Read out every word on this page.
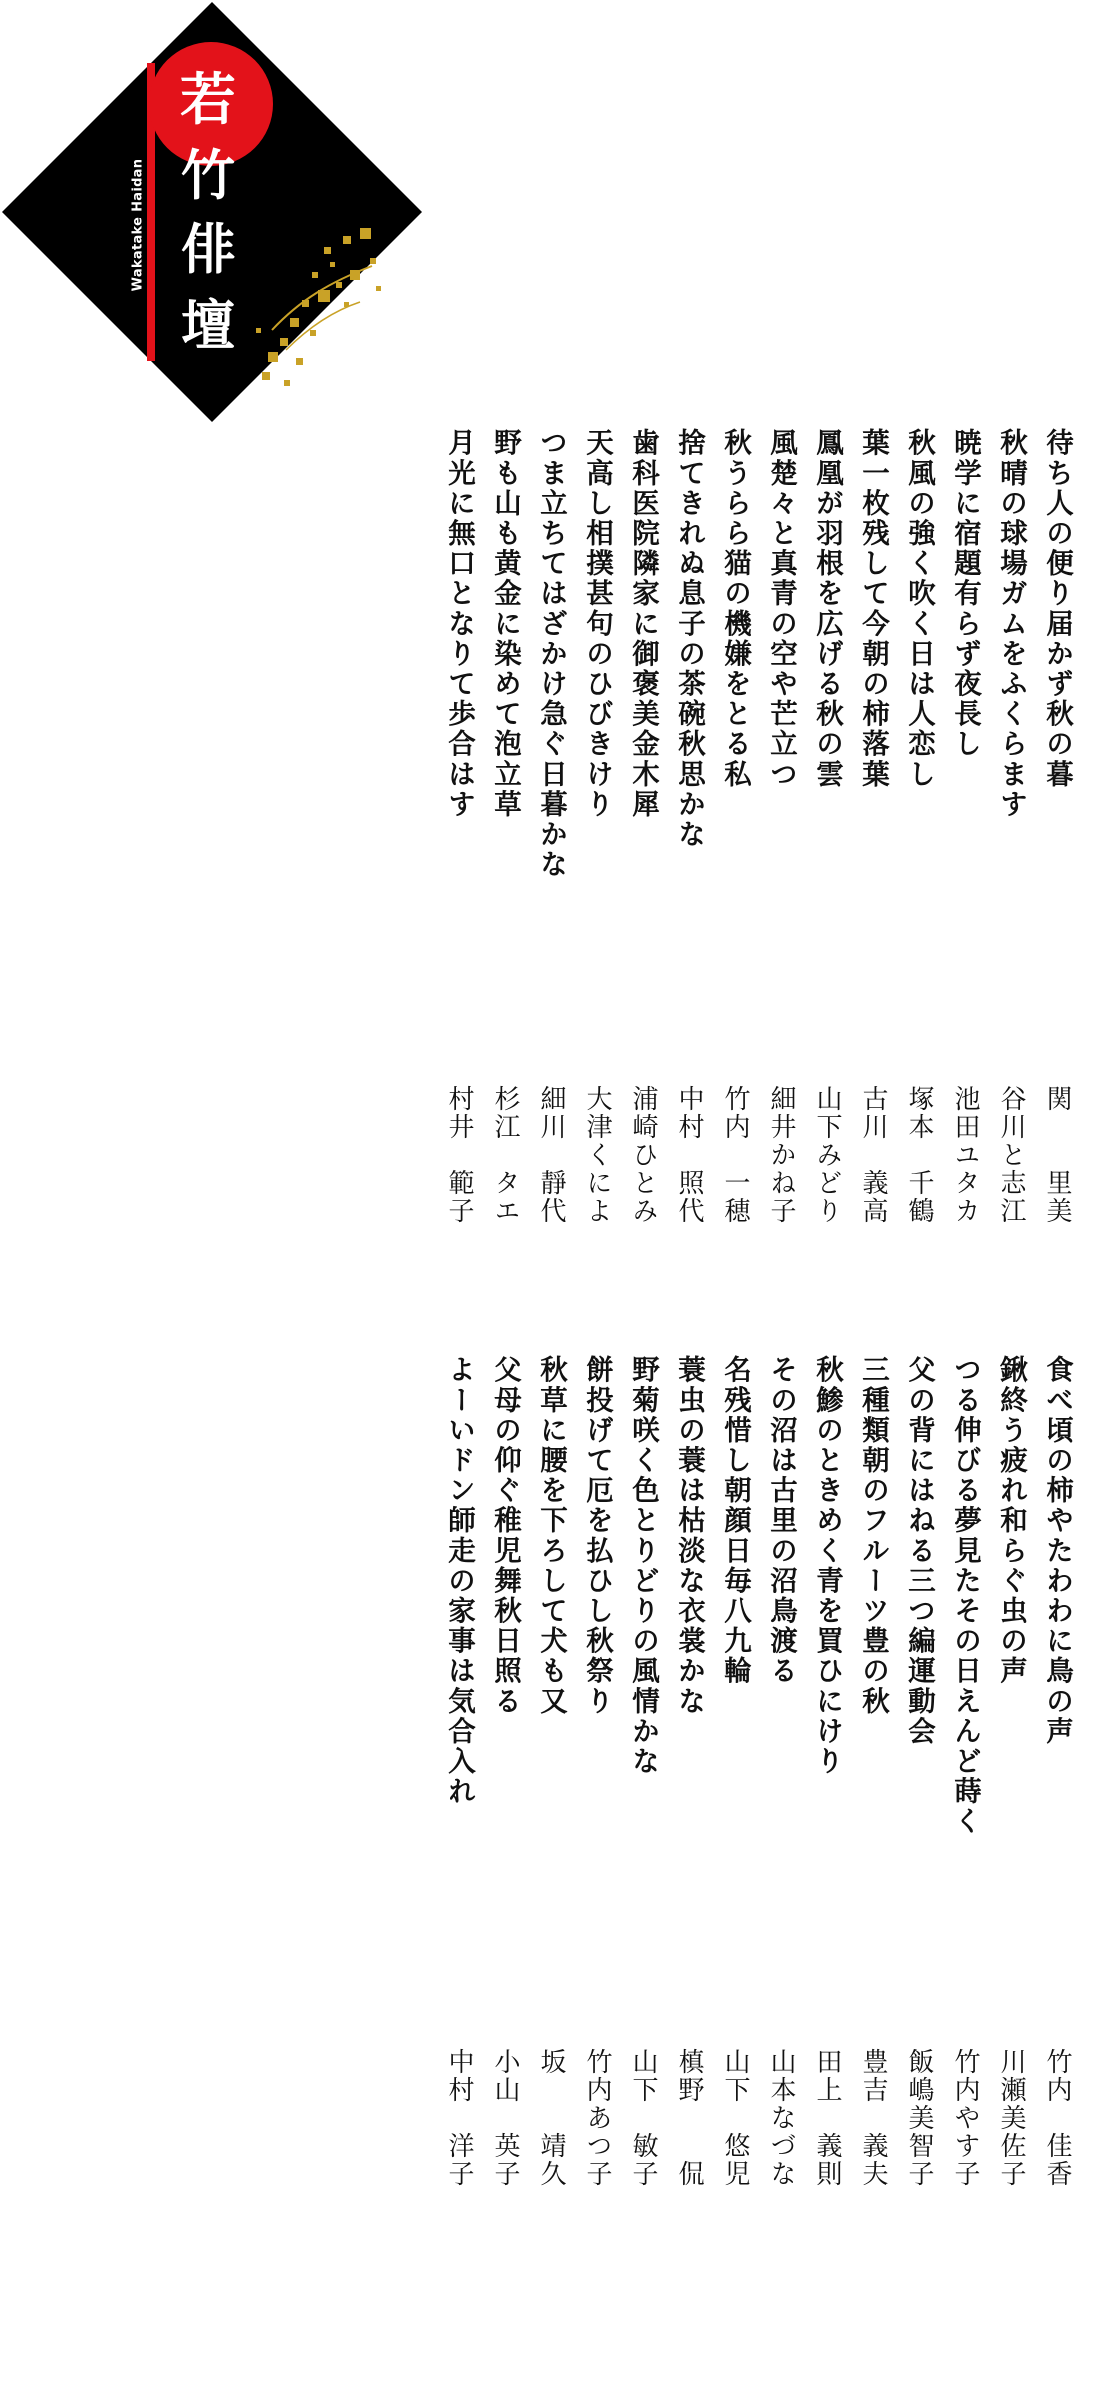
若
竹
俳
壇
Wakatake Haidan
待ち人の便り届かず秋の暮
秋晴の球場ガムをふくらます
暁学に宿題有らず夜長し
秋風の強く吹く日は人恋し
葉一枚残して今朝の柿落葉
鳳凰が羽根を広げる秋の雲
風楚々と真青の空や芒立つ
秋うらら猫の機嫌をとる私
捨てきれぬ息子の茶碗秋思かな
歯科医院隣家に御褒美金木犀
天高し相撲甚句のひびきけり
つま立ちてはざかけ急ぐ日暮かな
野も山も黄金に染めて泡立草
月光に無口となりて歩合はす
関　　里美
谷川と志江
池田ユタカ
塚本　千鶴
古川　義高
山下みどり
細井かね子
竹内　一穂
中村　照代
浦崎ひとみ
大津くによ
細川　靜代
杉江　タエ
村井　範子
食べ頃の柿やたわわに鳥の声
鍬終う疲れ和らぐ虫の声
つる伸びる夢見たその日えんど蒔く
父の背にはねる三つ編運動会
三種類朝のフルーツ豊の秋
秋鯵のときめく青を買ひにけり
その沼は古里の沼鳥渡る
名残惜し朝顔日毎八九輪
蓑虫の蓑は枯淡な衣裳かな
野菊咲く色とりどりの風情かな
餅投げて厄を払ひし秋祭り
秋草に腰を下ろして犬も又
父母の仰ぐ稚児舞秋日照る
よーいドン師走の家事は気合入れ
竹内　佳香
川瀬美佐子
竹内やす子
飯嶋美智子
豊吉　義夫
田上　義則
山本なづな
山下　悠児
槙野　　侃
山下　敏子
竹内あつ子
坂　　靖久
小山　英子
中村　洋子
